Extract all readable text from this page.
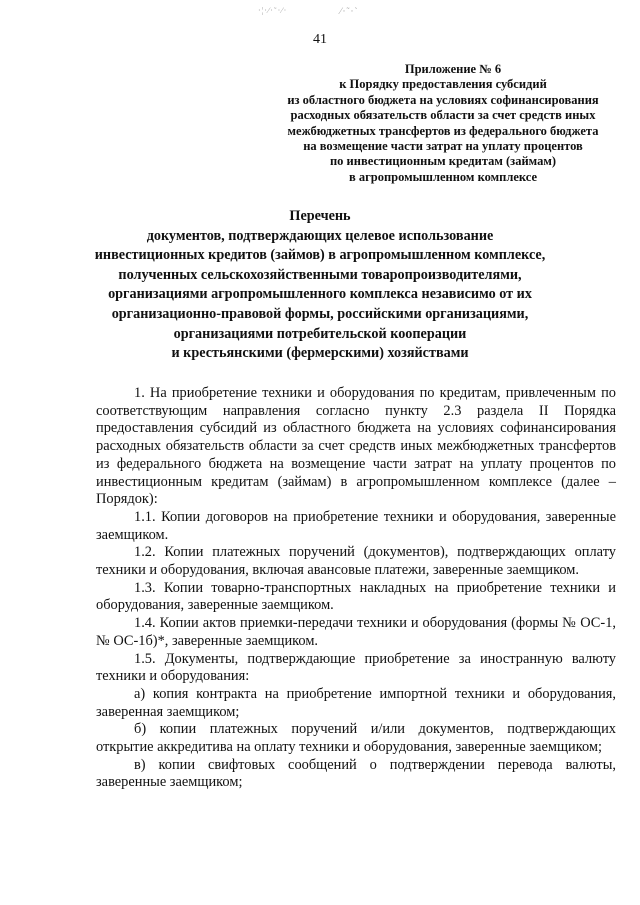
·¦·⁄·˜·⁄·	⁄·˜·ˋ
41
Приложение № 6
к Порядку предоставления субсидий
из областного бюджета на условиях софинансирования
расходных обязательств области за счет средств иных
межбюджетных трансфертов из федерального бюджета
на возмещение части затрат на уплату процентов
по инвестиционным кредитам (займам)
в агропромышленном комплексе
Перечень
документов, подтверждающих целевое использование
инвестиционных кредитов (займов) в агропромышленном комплексе,
полученных сельскохозяйственными товаропроизводителями,
организациями агропромышленного комплекса независимо от их
организационно-правовой формы, российскими организациями,
организациями потребительской кооперации
и крестьянскими (фермерскими) хозяйствами

1. На приобретение техники и оборудования по кредитам, привлеченным по соответствующим направления согласно пункту 2.3 раздела II Порядка предоставления субсидий из областного бюджета на условиях софинансирования расходных обязательств области за счет средств иных межбюджетных трансфертов из федерального бюджета на возмещение части затрат на уплату процентов по инвестиционным кредитам (займам) в агропромышленном комплексе (далее – Порядок):

1.1. Копии договоров на приобретение техники и оборудования, заверенные заемщиком.

1.2. Копии платежных поручений (документов), подтверждающих оплату техники и оборудования, включая авансовые платежи, заверенные заемщиком.

1.3. Копии товарно-транспортных накладных на приобретение техники и оборудования, заверенные заемщиком.

1.4. Копии актов приемки-передачи техники и оборудования (формы № ОС-1, № ОС-1б)*, заверенные заемщиком.

1.5. Документы, подтверждающие приобретение за иностранную валюту техники и оборудования:

а) копия контракта на приобретение импортной техники и оборудования, заверенная заемщиком;

б) копии платежных поручений и/или документов, подтверждающих открытие аккредитива на оплату техники и оборудования, заверенные заемщиком;

в) копии свифтовых сообщений о подтверждении перевода валюты, заверенные заемщиком;
